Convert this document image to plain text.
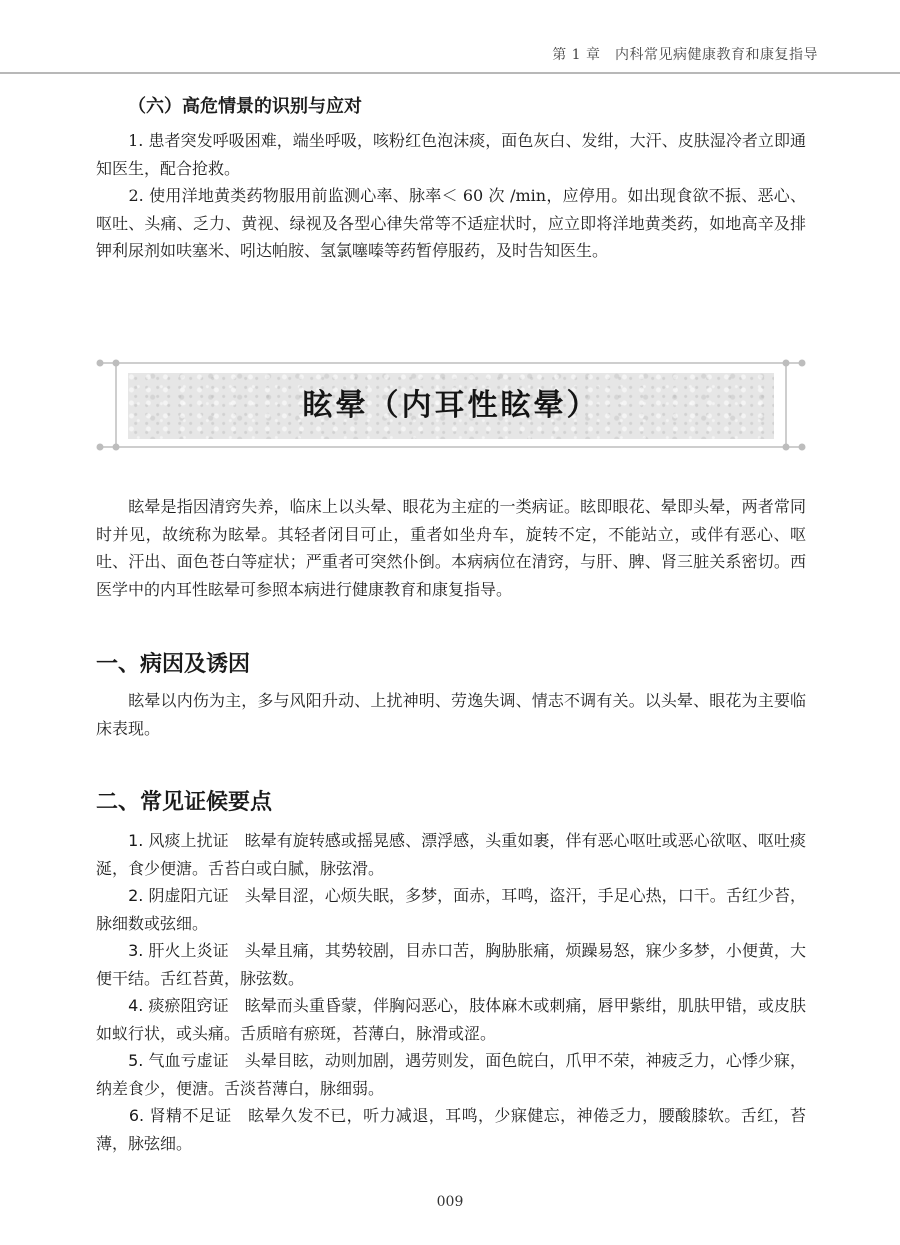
第 1 章　内科常见病健康教育和康复指导
（六）高危情景的识别与应对
　　1. 患者突发呼吸困难，端坐呼吸，咳粉红色泡沫痰，面色灰白、发绀，大汗、皮肤湿冷者立即通知医生，配合抢救。
　　2. 使用洋地黄类药物服用前监测心率、脉率＜ 60 次 /min，应停用。如出现食欲不振、恶心、呕吐、头痛、乏力、黄视、绿视及各型心律失常等不适症状时，应立即将洋地黄类药，如地高辛及排钾利尿剂如呋塞米、吲达帕胺、氢氯噻嗪等药暂停服药，及时告知医生。
眩晕（内耳性眩晕）
　　眩晕是指因清窍失养，临床上以头晕、眼花为主症的一类病证。眩即眼花、晕即头晕，两者常同时并见，故统称为眩晕。其轻者闭目可止，重者如坐舟车，旋转不定，不能站立，或伴有恶心、呕吐、汗出、面色苍白等症状；严重者可突然仆倒。本病病位在清窍，与肝、脾、肾三脏关系密切。西医学中的内耳性眩晕可参照本病进行健康教育和康复指导。
一、病因及诱因
　　眩晕以内伤为主，多与风阳升动、上扰神明、劳逸失调、情志不调有关。以头晕、眼花为主要临床表现。
二、常见证候要点
　　1. 风痰上扰证　眩晕有旋转感或摇晃感、漂浮感，头重如裹，伴有恶心呕吐或恶心欲呕、呕吐痰涎，食少便溏。舌苔白或白腻，脉弦滑。
　　2. 阴虚阳亢证　头晕目涩，心烦失眠，多梦，面赤，耳鸣，盗汗，手足心热，口干。舌红少苔，脉细数或弦细。
　　3. 肝火上炎证　头晕且痛，其势较剧，目赤口苦，胸胁胀痛，烦躁易怒，寐少多梦，小便黄，大便干结。舌红苔黄，脉弦数。
　　4. 痰瘀阻窍证　眩晕而头重昏蒙，伴胸闷恶心，肢体麻木或刺痛，唇甲紫绀，肌肤甲错，或皮肤如蚁行状，或头痛。舌质暗有瘀斑，苔薄白，脉滑或涩。
　　5. 气血亏虚证　头晕目眩，动则加剧，遇劳则发，面色皖白，爪甲不荣，神疲乏力，心悸少寐，纳差食少，便溏。舌淡苔薄白，脉细弱。
　　6. 肾精不足证　眩晕久发不已，听力减退，耳鸣，少寐健忘，神倦乏力，腰酸膝软。舌红，苔薄，脉弦细。
009
